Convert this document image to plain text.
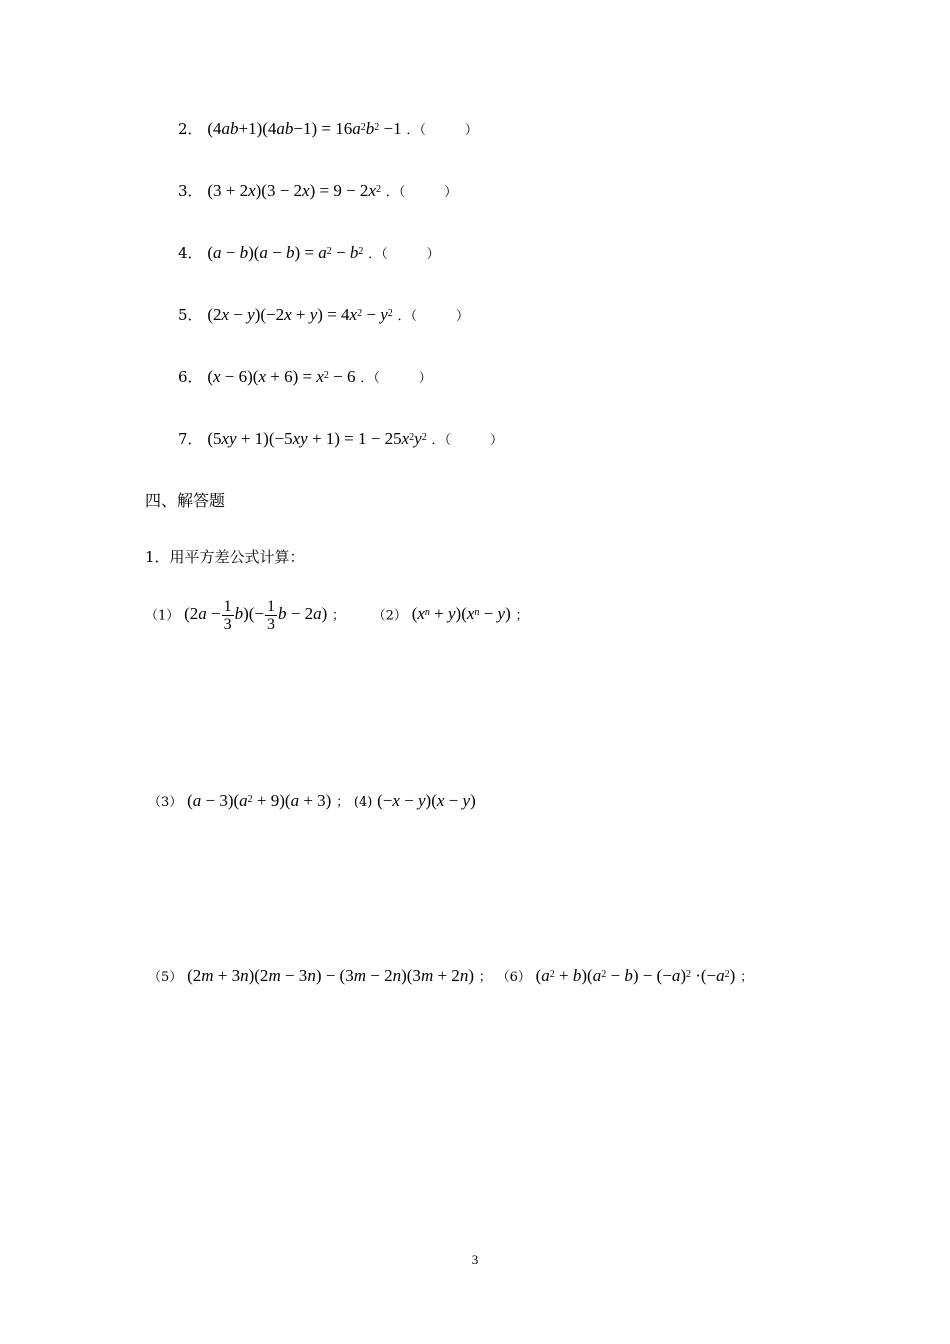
2． $(4ab+1)(4ab-1) = 16a^2b^2 -1$ ．（　　　）
3． $(3 + 2x)(3 - 2x) = 9 - 2x^2$ ．（　　　）
4． $(a - b)(a - b) = a^2 - b^2$ ．（　　　）
5． $(2x - y)(-2x + y) = 4x^2 - y^2$ ．（　　　）
6． $(x - 6)(x + 6) = x^2 - 6$ ．（　　　）
7． $(5xy + 1)(-5xy + 1) = 1 - 25x^2y^2$ ．（　　　）
四、解答题
1．用平方差公式计算：
（1） $(2a - \frac{1}{3} b)(- \frac{1}{3}$ b − 2a) ； （2） $(x^n + y)(x^n - y)$ ；
（3） $(a - 3)(a^2 + 9)(a + 3)$ ； (4) (−x − y)(x − y)
（5） (2m + 3n)(2m − 3n) − (3m − 2n)(3m + 2n) ； （6） $(a^2 + b)(a^2 - b) - (-a)^2 \cdot(-a^2)$ ；
3
